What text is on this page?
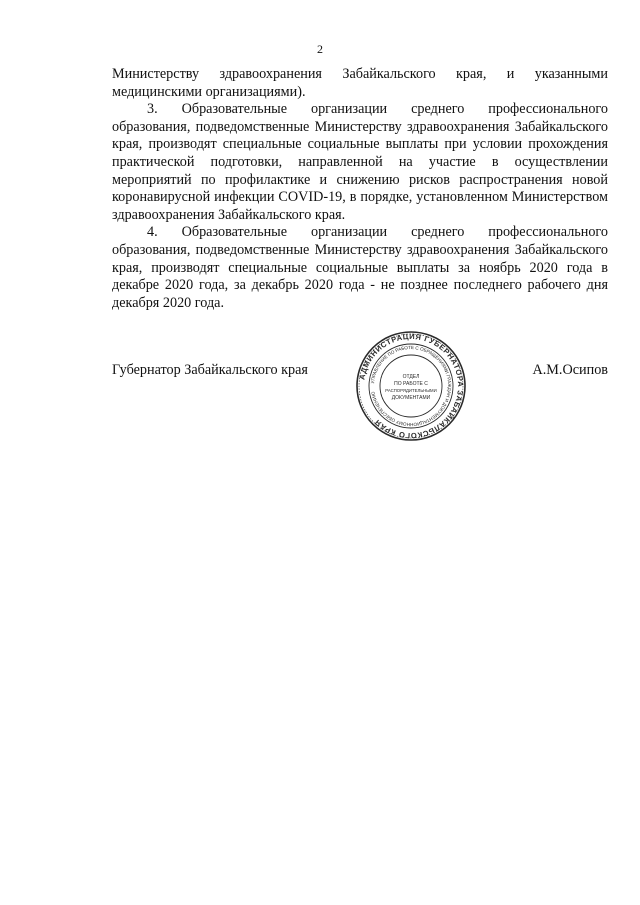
2

Министерству здравоохранения Забайкальского края, и указанными медицинскими организациями).

3. Образовательные организации среднего профессионального образования, подведомственные Министерству здравоохранения Забайкальского края, производят специальные социальные выплаты при условии прохождения практической подготовки, направленной на участие в осуществлении мероприятий по профилактике и снижению рисков распространения новой коронавирусной инфекции COVID-19, в порядке, установленном Министерством здравоохранения Забайкальского края.

4. Образовательные организации среднего профессионального образования, подведомственные Министерству здравоохранения Забайкальского края, производят специальные социальные выплаты за ноябрь 2020 года в декабре 2020 года, за декабрь 2020 года - не позднее последнего рабочего дня декабря 2020 года.

Губернатор Забайкальского края	АДМИНИСТРАЦИЯ ГУБЕРНАТОРА ЗАБАЙКАЛЬСКОГО КРАЯ
УПРАВЛЕНИЕ ПО РАБОТЕ С ОБРАЩЕНИЯМИ ГРАЖДАН И ДОКУМЕНТАЦИОННОМУ ОБЕСПЕЧЕНИЮ
ОТДЕЛ
ПО РАБОТЕ С
РАСПОРЯДИТЕЛЬНЫМИ
ДОКУМЕНТАМИ
А.М.Осипов
